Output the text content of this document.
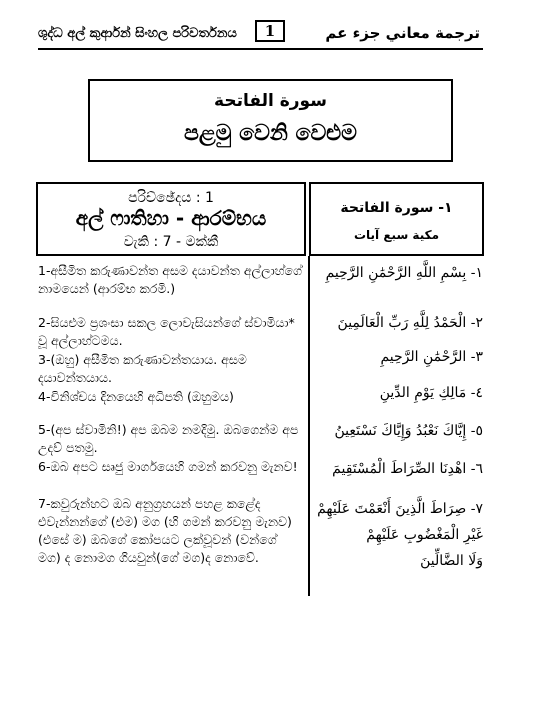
ශුද්ධ අල් කුර්ආන් සිංහල පරිවර්තනය	1	ترجمة معاني جزء عم
سورة الفاتحة
පළමු වෙනි වෙළුම
පරිච්ඡේදය : 1
අල් ෆාතිහා - ආරම්භය
වැකි : 7 - මක්කී
١- سورة الفاتحة
مكية سبع آيات
1-අසීමිත කරුණාවන්ත අසම දයාවන්ත අල්ලාහ්ගේ නාමයෙන් (ආරම්භ කරමි.)
2-සියළුම ප්‍රශංසා සකල ලොවැසියන්ගේ ස්වාමියා* වූ අල්ලාහ්ටමය.
3-(ඔහු) අසීමිත කරුණාවන්තයාය. අසම දයාවන්තයාය.
4-විනිශ්චය දිනයෙහි අධිපති (ඔහුමය)
5-(අප ස්වාමිනි!) අප ඔබම නමදිමු. ඔබගෙන්ම අප උදව් පතමු.
6-ඔබ අපට සෘජු මාර්ගයෙහි ගමන් කරවනු මැනව!
7-කවුරුන්හට ඔබ අනුග්‍රහයන් පහළ කළේද එවැන්නන්ගේ (එම) මග (හි ගමන් කරවනු මැනව) (එසේ ම) ඔබගේ කෝපයට ලක්වූවන් (වන්ගේ මග) ද නොමග ගියවුන්(ගේ මග)ද නොවේ.
١- بِسْمِ اللَّهِ الرَّحْمَٰنِ الرَّحِيمِ
٢- الْحَمْدُ لِلَّهِ رَبِّ الْعَالَمِينَ
٣- الرَّحْمَٰنِ الرَّحِيمِ
٤- مَالِكِ يَوْمِ الدِّينِ
٥- إِيَّاكَ نَعْبُدُ وَإِيَّاكَ نَسْتَعِينُ
٦- اهْدِنَا الصِّرَاطَ الْمُسْتَقِيمَ
٧- صِرَاطَ الَّذِينَ أَنْعَمْتَ عَلَيْهِمْ
غَيْرِ الْمَغْضُوبِ عَلَيْهِمْ
وَلَا الضَّالِّينَ
